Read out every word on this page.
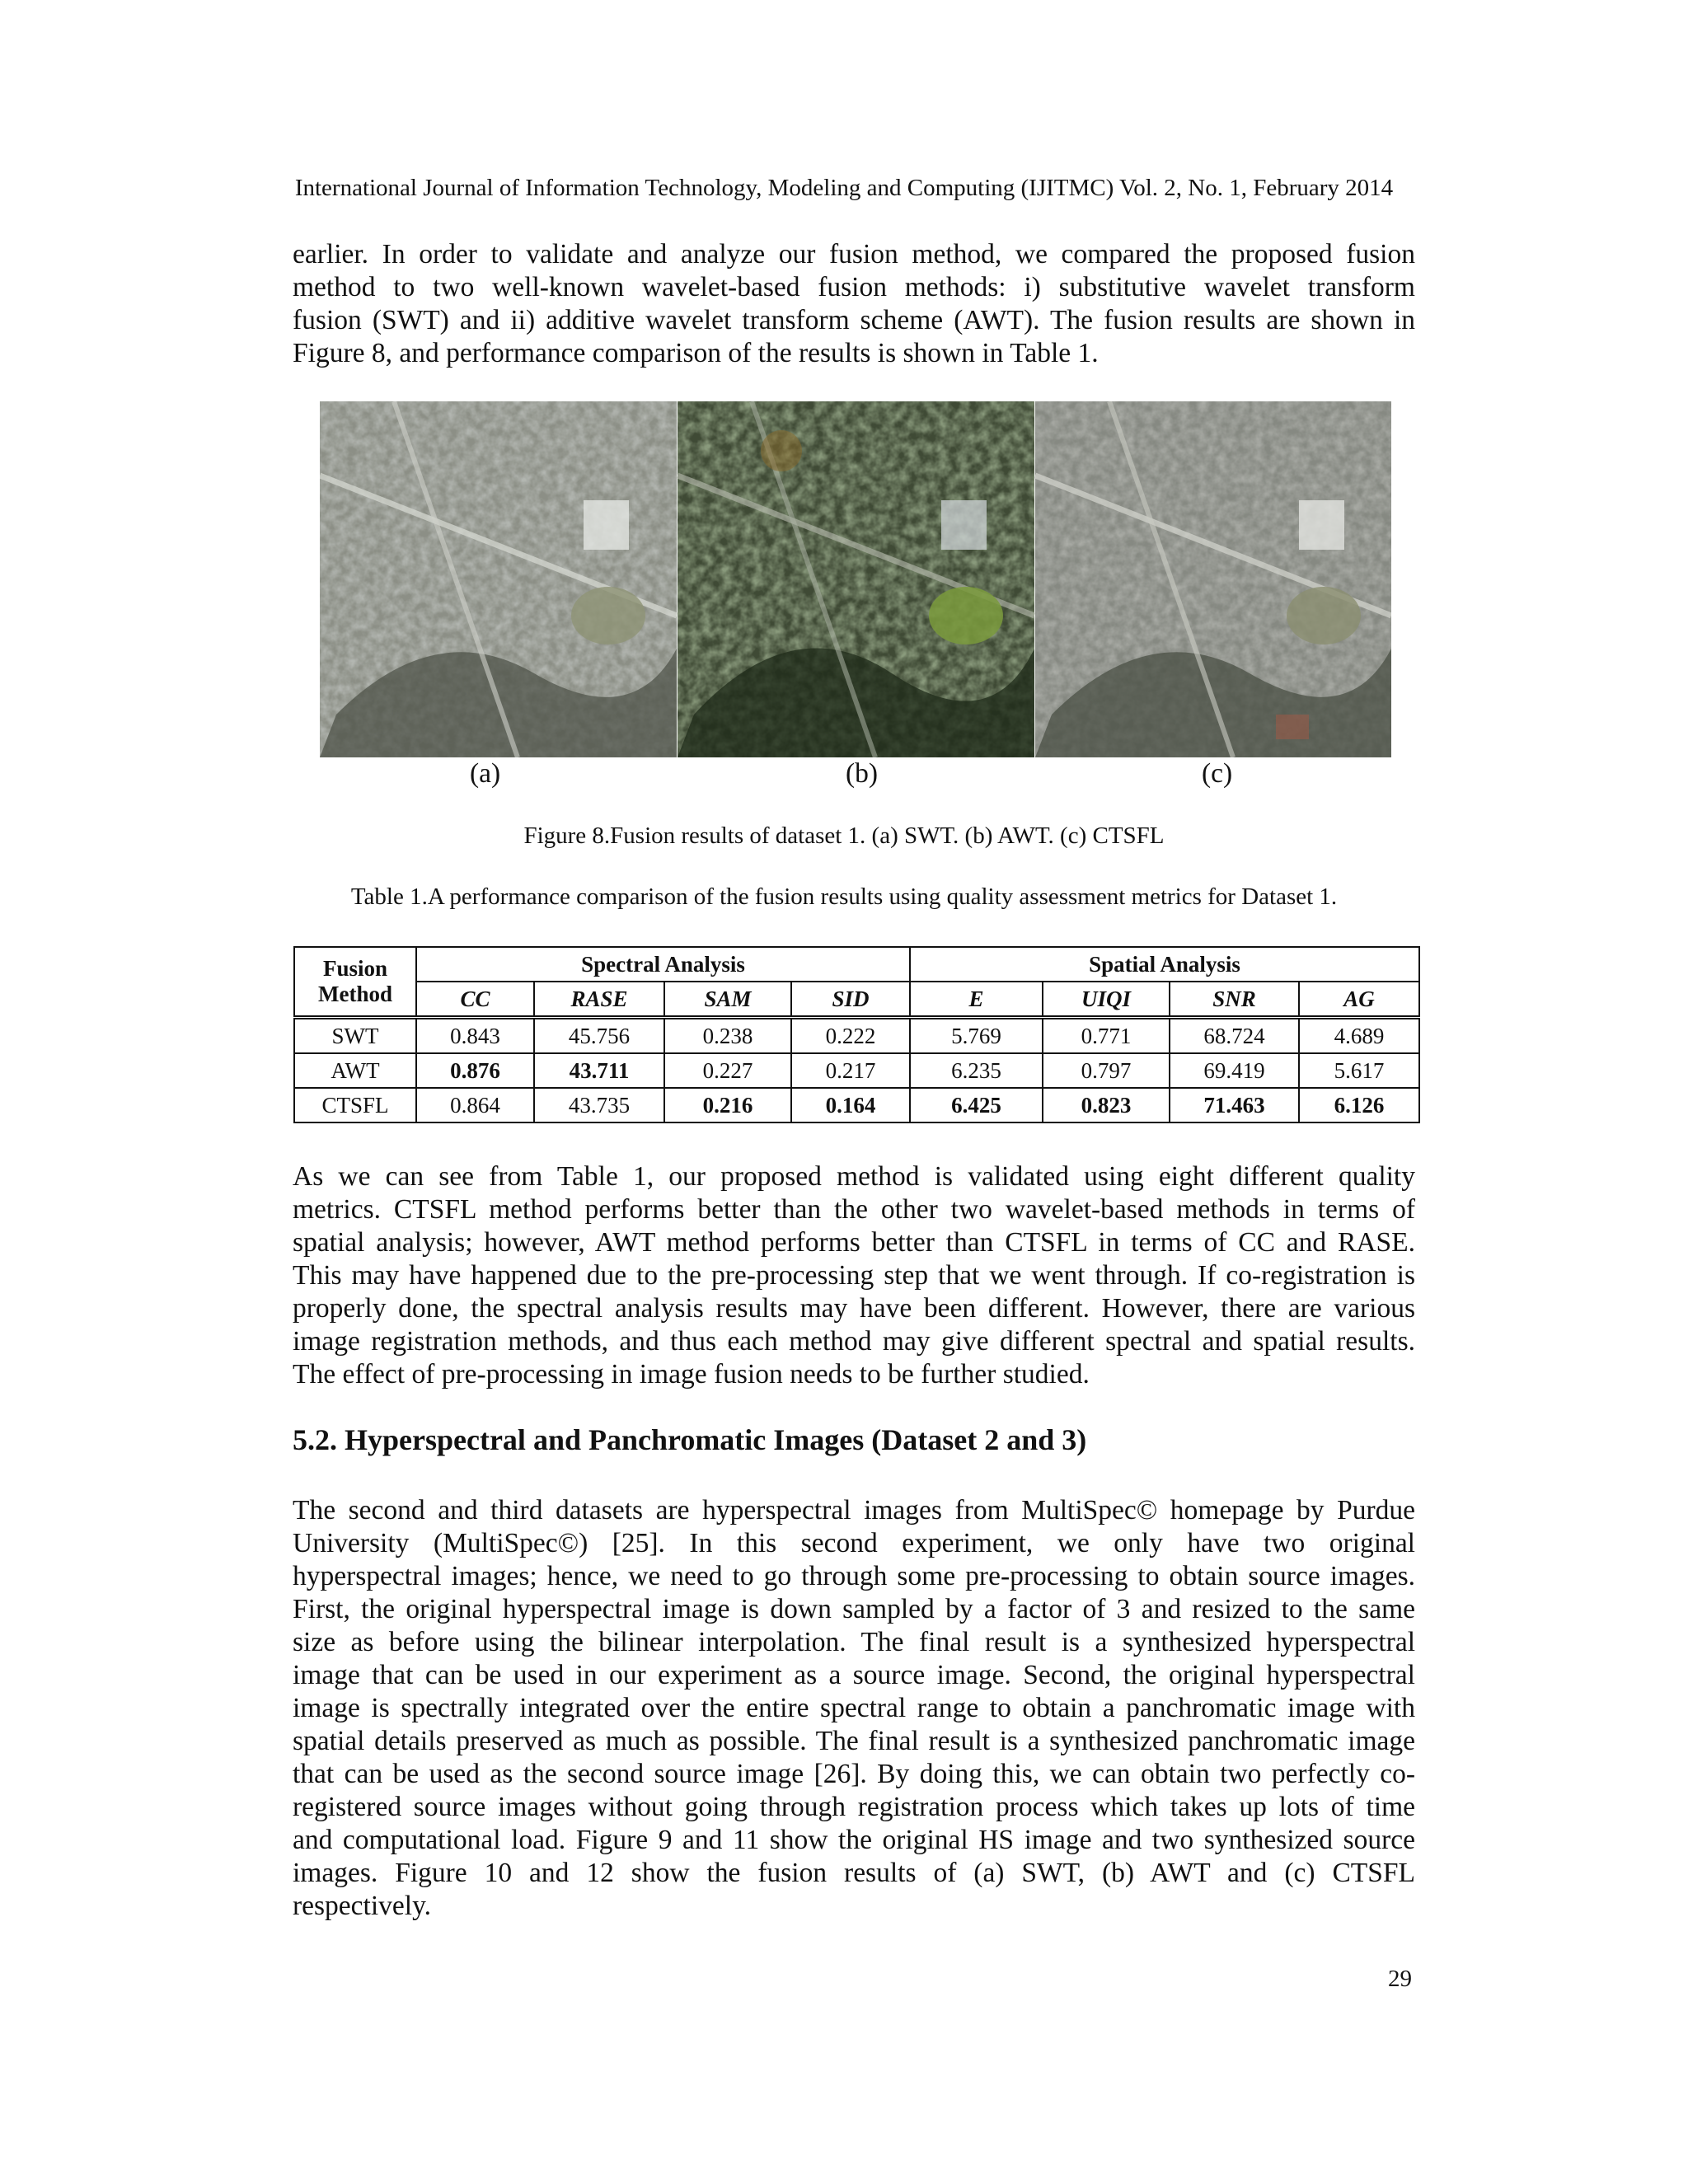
International Journal of Information Technology, Modeling and Computing (IJITMC) Vol. 2, No. 1, February 2014
earlier. In order to validate and analyze our fusion method, we compared the proposed fusion
method to two well-known wavelet-based fusion methods: i) substitutive wavelet transform
fusion (SWT) and ii) additive wavelet transform scheme (AWT). The fusion results are shown in
Figure 8, and performance comparison of the results is shown in Table 1.
(a)	(b)	(c)
Figure 8.Fusion results of dataset 1. (a) SWT. (b) AWT. (c) CTSFL
Table 1.A performance comparison of the fusion results using quality assessment metrics for Dataset 1.
Fusion Method	Spectral Analysis				Spatial Analysis			
	CC	RASE	SAM	SID	E	UIQI	SNR	AG
SWT	0.843	45.756	0.238	0.222	5.769	0.771	68.724	4.689
AWT	0.876	43.711	0.227	0.217	6.235	0.797	69.419	5.617
CTSFL	0.864	43.735	0.216	0.164	6.425	0.823	71.463	6.126
As we can see from Table 1, our proposed method is validated using eight different quality
metrics. CTSFL method performs better than the other two wavelet-based methods in terms of
spatial analysis; however, AWT method performs better than CTSFL in terms of CC and RASE.
This may have happened due to the pre-processing step that we went through. If co-registration is
properly done, the spectral analysis results may have been different. However, there are various
image registration methods, and thus each method may give different spectral and spatial results.
The effect of pre-processing in image fusion needs to be further studied.
5.2. Hyperspectral and Panchromatic Images (Dataset 2 and 3)
The second and third datasets are hyperspectral images from MultiSpec© homepage by Purdue
University (MultiSpec©) [25]. In this second experiment, we only have two original
hyperspectral images; hence, we need to go through some pre-processing to obtain source images.
First, the original hyperspectral image is down sampled by a factor of 3 and resized to the same
size as before using the bilinear interpolation. The final result is a synthesized hyperspectral
image that can be used in our experiment as a source image. Second, the original hyperspectral
image is spectrally integrated over the entire spectral range to obtain a panchromatic image with
spatial details preserved as much as possible. The final result is a synthesized panchromatic image
that can be used as the second source image [26]. By doing this, we can obtain two perfectly co-
registered source images without going through registration process which takes up lots of time
and computational load. Figure 9 and 11 show the original HS image and two synthesized source
images. Figure 10 and 12 show the fusion results of (a) SWT, (b) AWT and (c) CTSFL
respectively.
29
